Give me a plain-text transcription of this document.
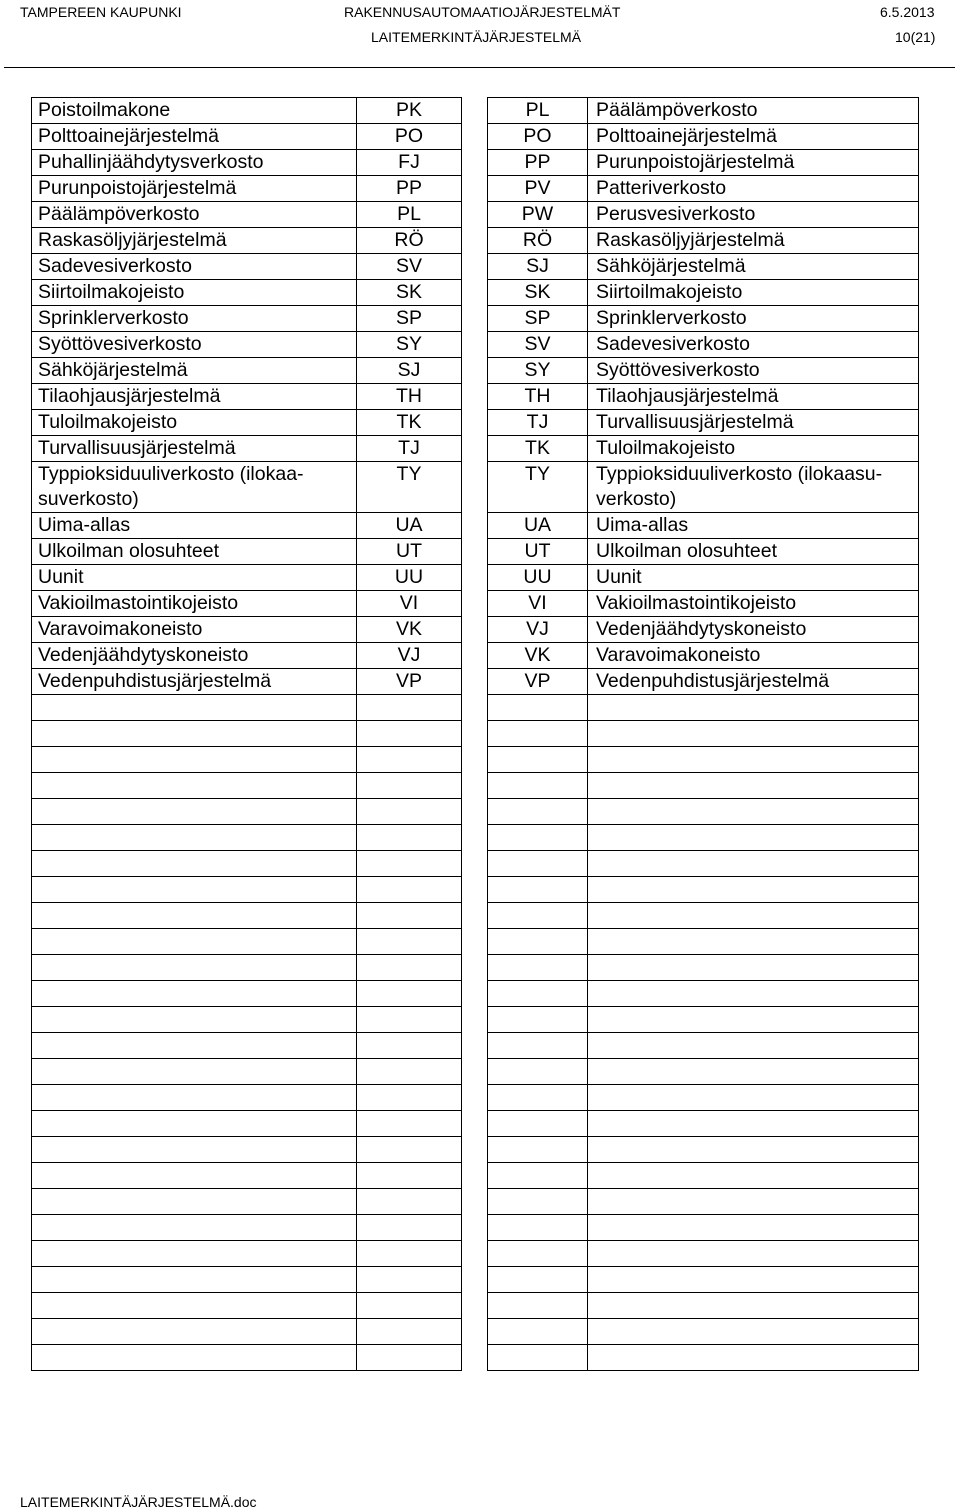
TAMPEREEN KAUPUNKI	RAKENNUSAUTOMAATIOJÄRJESTELMÄT	6.5.2013
LAITEMERKINTÄJÄRJESTELMÄ	10(21)
Poistoilmakone	PK
Polttoainejärjestelmä	PO
Puhallinjäähdytysverkosto	FJ
Purunpoistojärjestelmä	PP
Päälämpöverkosto	PL
Raskasöljyjärjestelmä	RÖ
Sadevesiverkosto	SV
Siirtoilmakojeisto	SK
Sprinklerverkosto	SP
Syöttövesiverkosto	SY
Sähköjärjestelmä	SJ
Tilaohjausjärjestelmä	TH
Tuloilmakojeisto	TK
Turvallisuusjärjestelmä	TJ
Typpioksiduuliverkosto (ilokaa-
suverkosto)	TY
Uima-allas	UA
Ulkoilman olosuhteet	UT
Uunit	UU
Vakioilmastointikojeisto	VI
Varavoimakoneisto	VK
Vedenjäähdytyskoneisto	VJ
Vedenpuhdistusjärjestelmä	VP

PL	Päälämpöverkosto
PO	Polttoainejärjestelmä
PP	Purunpoistojärjestelmä
PV	Patteriverkosto
PW	Perusvesiverkosto
RÖ	Raskasöljyjärjestelmä
SJ	Sähköjärjestelmä
SK	Siirtoilmakojeisto
SP	Sprinklerverkosto
SV	Sadevesiverkosto
SY	Syöttövesiverkosto
TH	Tilaohjausjärjestelmä
TJ	Turvallisuusjärjestelmä
TK	Tuloilmakojeisto
TY	Typpioksiduuliverkosto (ilokaasu-
verkosto)
UA	Uima-allas
UT	Ulkoilman olosuhteet
UU	Uunit
VI	Vakioilmastointikojeisto
VJ	Vedenjäähdytyskoneisto
VK	Varavoimakoneisto
VP	Vedenpuhdistusjärjestelmä

LAITEMERKINTÄJÄRJESTELMÄ.doc
